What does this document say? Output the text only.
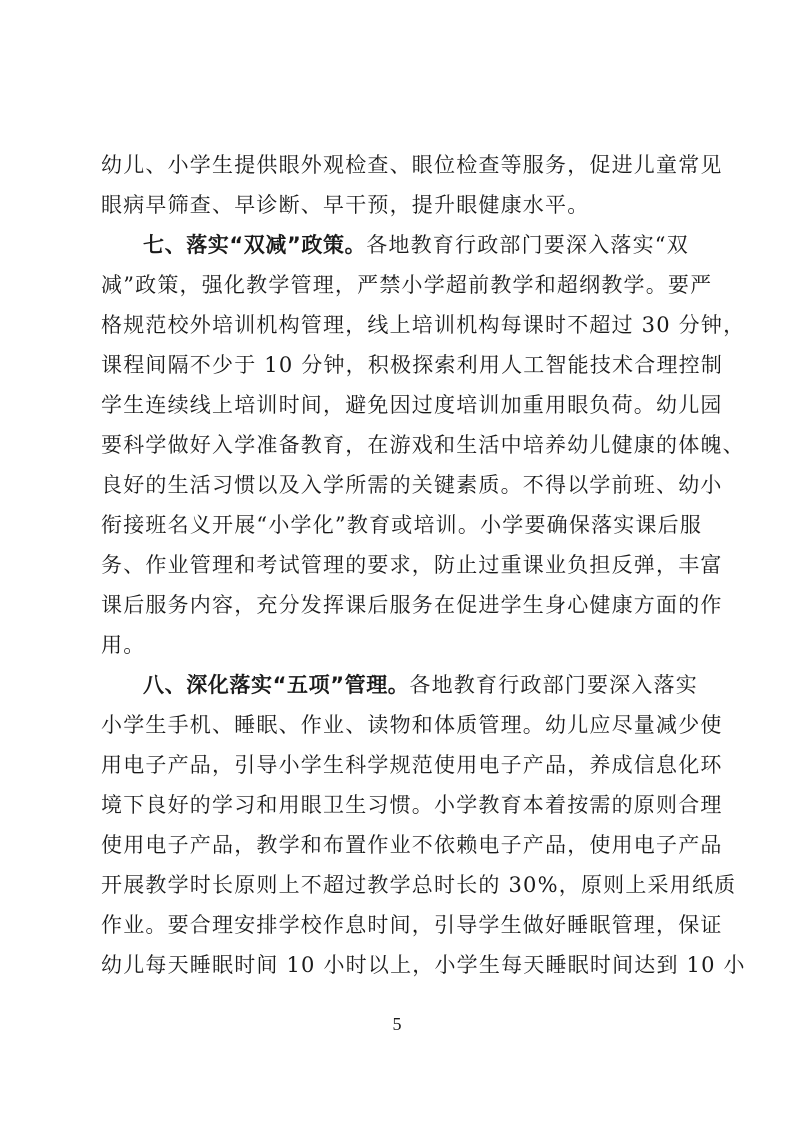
幼儿、小学生提供眼外观检查、眼位检查等服务，促进儿童常见
眼病早筛查、早诊断、早干预，提升眼健康水平。
七、落实“双减”政策。各地教育行政部门要深入落实“双
减”政策，强化教学管理，严禁小学超前教学和超纲教学。要严
格规范校外培训机构管理，线上培训机构每课时不超过 30 分钟，
课程间隔不少于 10 分钟，积极探索利用人工智能技术合理控制
学生连续线上培训时间，避免因过度培训加重用眼负荷。幼儿园
要科学做好入学准备教育，在游戏和生活中培养幼儿健康的体魄、
良好的生活习惯以及入学所需的关键素质。不得以学前班、幼小
衔接班名义开展“小学化”教育或培训。小学要确保落实课后服
务、作业管理和考试管理的要求，防止过重课业负担反弹，丰富
课后服务内容，充分发挥课后服务在促进学生身心健康方面的作
用。
八、深化落实“五项”管理。各地教育行政部门要深入落实
小学生手机、睡眠、作业、读物和体质管理。幼儿应尽量减少使
用电子产品，引导小学生科学规范使用电子产品，养成信息化环
境下良好的学习和用眼卫生习惯。小学教育本着按需的原则合理
使用电子产品，教学和布置作业不依赖电子产品，使用电子产品
开展教学时长原则上不超过教学总时长的 30%，原则上采用纸质
作业。要合理安排学校作息时间，引导学生做好睡眠管理，保证
幼儿每天睡眠时间 10 小时以上，小学生每天睡眠时间达到 10 小
5
